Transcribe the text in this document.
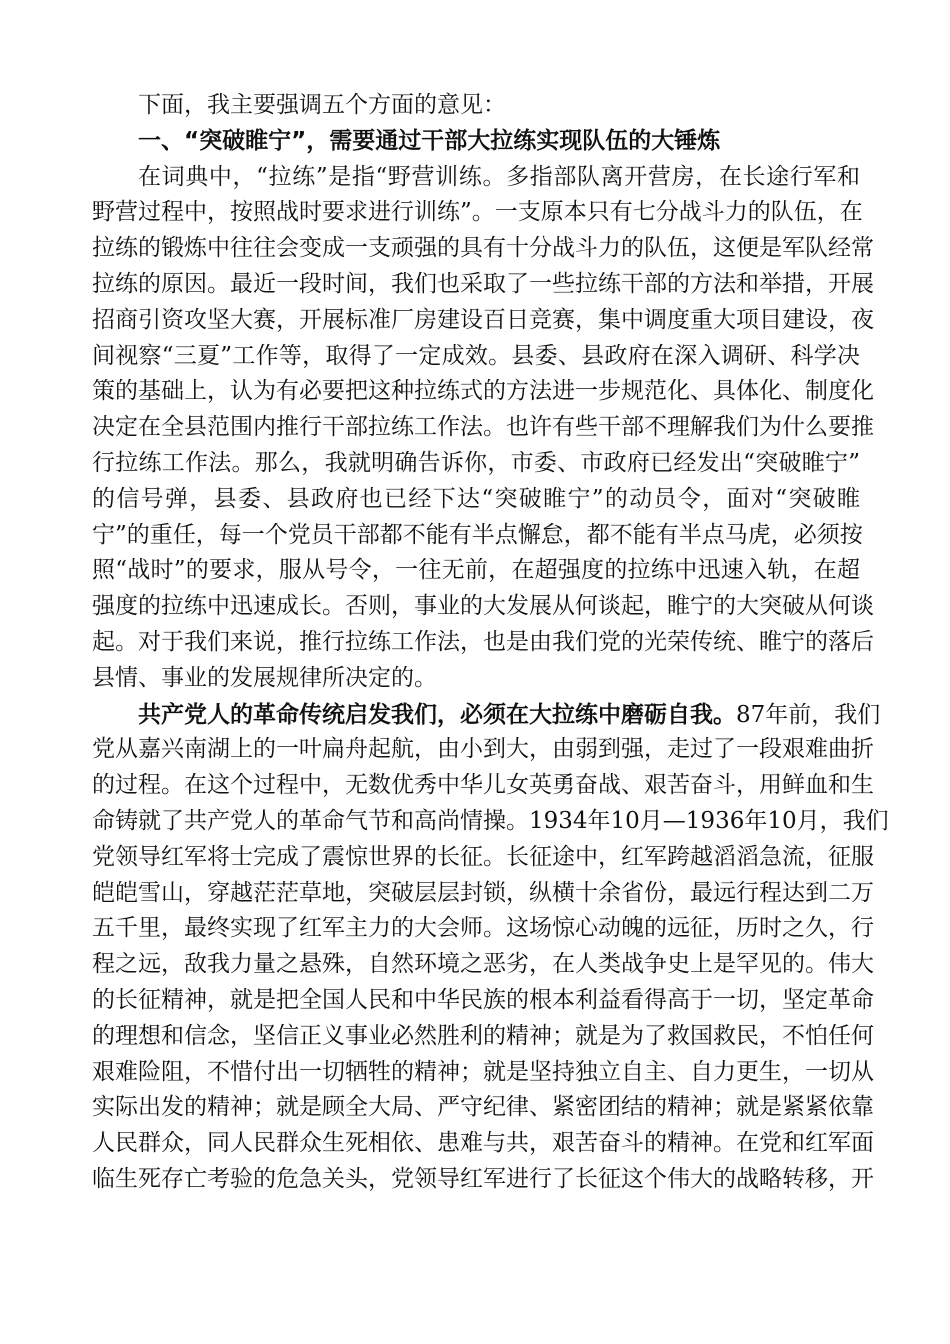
下面，我主要强调五个方面的意见：
一、“突破睢宁”，需要通过干部大拉练实现队伍的大锤炼
在词典中，“拉练”是指“野营训练。多指部队离开营房，在长途行军和
野营过程中，按照战时要求进行训练”。一支原本只有七分战斗力的队伍，在
拉练的锻炼中往往会变成一支顽强的具有十分战斗力的队伍，这便是军队经常
拉练的原因。最近一段时间，我们也采取了一些拉练干部的方法和举措，开展
招商引资攻坚大赛，开展标准厂房建设百日竞赛，集中调度重大项目建设，夜
间视察“三夏”工作等，取得了一定成效。县委、县政府在深入调研、科学决
策的基础上，认为有必要把这种拉练式的方法进一步规范化、具体化、制度化
决定在全县范围内推行干部拉练工作法。也许有些干部不理解我们为什么要推
行拉练工作法。那么，我就明确告诉你，市委、市政府已经发出“突破睢宁”
的信号弹，县委、县政府也已经下达“突破睢宁”的动员令，面对“突破睢
宁”的重任，每一个党员干部都不能有半点懈怠，都不能有半点马虎，必须按
照“战时”的要求，服从号令，一往无前，在超强度的拉练中迅速入轨，在超
强度的拉练中迅速成长。否则，事业的大发展从何谈起，睢宁的大突破从何谈
起。对于我们来说，推行拉练工作法，也是由我们党的光荣传统、睢宁的落后
县情、事业的发展规律所决定的。
共产党人的革命传统启发我们，必须在大拉练中磨砺自我。87年前，我们
党从嘉兴南湖上的一叶扁舟起航，由小到大，由弱到强，走过了一段艰难曲折
的过程。在这个过程中，无数优秀中华儿女英勇奋战、艰苦奋斗，用鲜血和生
命铸就了共产党人的革命气节和高尚情操。1934年10月—1936年10月，我们
党领导红军将士完成了震惊世界的长征。长征途中，红军跨越滔滔急流，征服
皑皑雪山，穿越茫茫草地，突破层层封锁，纵横十余省份，最远行程达到二万
五千里，最终实现了红军主力的大会师。这场惊心动魄的远征，历时之久，行
程之远，敌我力量之悬殊，自然环境之恶劣，在人类战争史上是罕见的。伟大
的长征精神，就是把全国人民和中华民族的根本利益看得高于一切，坚定革命
的理想和信念，坚信正义事业必然胜利的精神；就是为了救国救民，不怕任何
艰难险阻，不惜付出一切牺牲的精神；就是坚持独立自主、自力更生，一切从
实际出发的精神；就是顾全大局、严守纪律、紧密团结的精神；就是紧紧依靠
人民群众，同人民群众生死相依、患难与共，艰苦奋斗的精神。在党和红军面
临生死存亡考验的危急关头，党领导红军进行了长征这个伟大的战略转移，开
